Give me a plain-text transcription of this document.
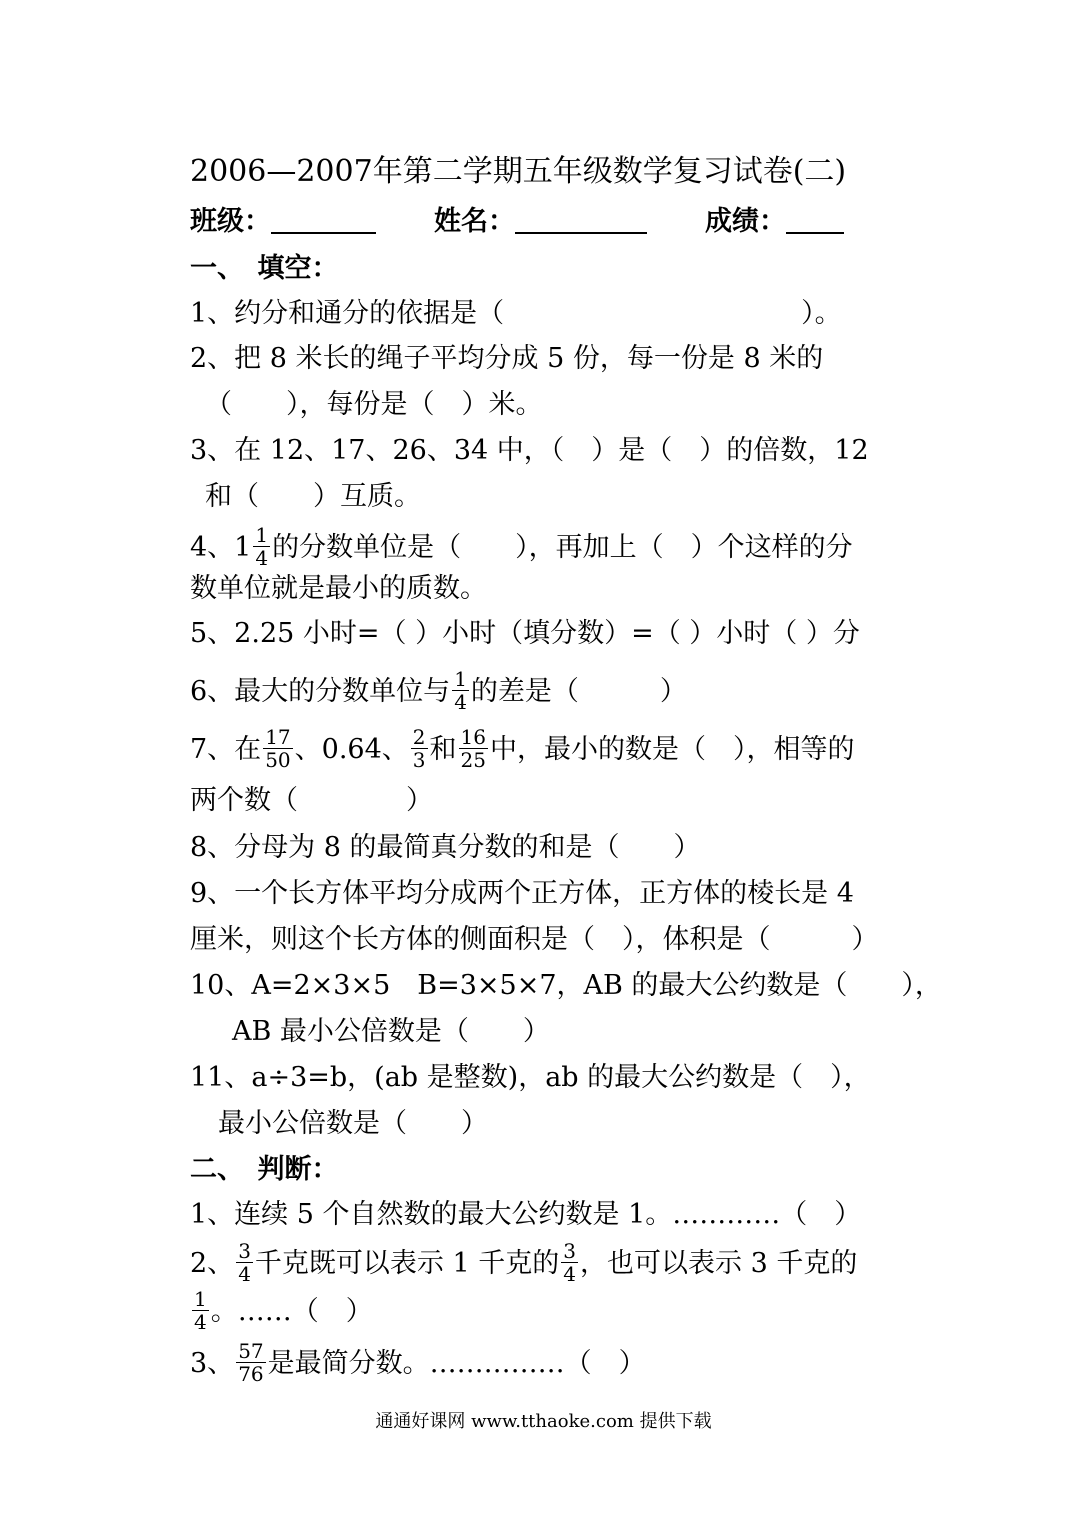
2006—2007年第二学期五年级数学复习试卷(二)
班级：	姓名：	成绩：
一、　填空：
1、约分和通分的依据是（　　　　　　　　　　　）。
2、把 8 米长的绳子平均分成 5 份，每一份是 8 米的
（　　），每份是（　）米。
3、在 12、17、26、34 中，（　）是（　）的倍数，12
和（　　）互质。
4、$1 \frac{1}{4}$ 的分数单位是（　　），再加上（　）个这样的分
数单位就是最小的质数。
5、2.25 小时=（ ）小时（填分数）=（ ）小时（ ）分
6、最大的分数单位与 $\frac{1}{4}$ 的差是（　　　）
7、在 $\frac{17}{50}$ 、0.64、 $\frac{2}{3}$ 和 $\frac{16}{25}$ 中，最小的数是（　），相等的
两个数（　　　　）
8、分母为 8 的最简真分数的和是（　　）
9、一个长方体平均分成两个正方体，正方体的棱长是 4
厘米，则这个长方体的侧面积是（　），体积是（　　　）
10、A=2×3×5　B=3×5×7，AB 的最大公约数是（　　），
AB 最小公倍数是（　　）
11、a÷3=b，(ab 是整数)，ab 的最大公约数是（　），
最小公倍数是（　　）
二、　判断：
1、连续 5 个自然数的最大公约数是 1。…………（　）
2、 $\frac{3}{4}$ 千克既可以表示 1 千克的 $\frac{3}{4}$ ，也可以表示 3 千克的
$\frac{1}{4}$ 。……（　）
3、 $\frac{57}{76}$ 是最简分数。……………（　）
通通好课网 www.tthaoke.com 提供下载
